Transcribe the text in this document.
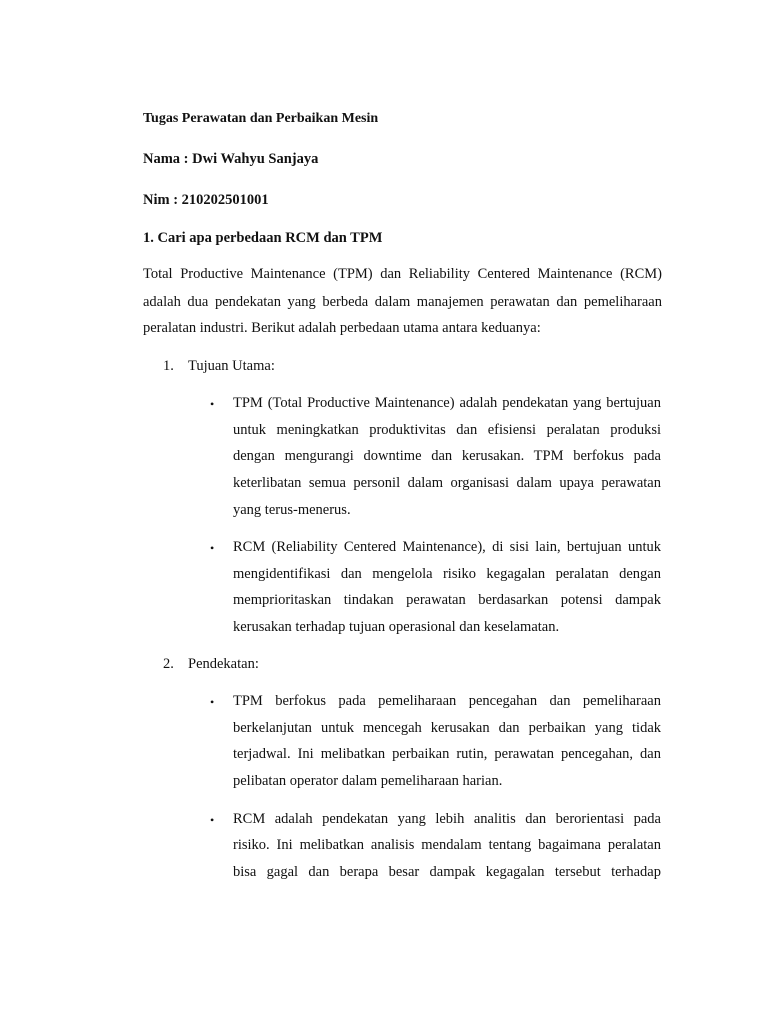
Tugas Perawatan dan Perbaikan Mesin

Nama : Dwi Wahyu Sanjaya

Nim : 210202501001

1. Cari apa perbedaan RCM dan TPM

Total Productive Maintenance (TPM) dan Reliability Centered Maintenance (RCM)

adalah dua pendekatan yang berbeda dalam manajemen perawatan dan pemeliharaan

peralatan industri. Berikut adalah perbedaan utama antara keduanya:

1. Tujuan Utama:
• TPM (Total Productive Maintenance) adalah pendekatan yang bertujuan

untuk meningkatkan produktivitas dan efisiensi peralatan produksi

dengan mengurangi downtime dan kerusakan. TPM berfokus pada

keterlibatan semua personil dalam organisasi dalam upaya perawatan

yang terus-menerus.

• RCM (Reliability Centered Maintenance), di sisi lain, bertujuan untuk

mengidentifikasi dan mengelola risiko kegagalan peralatan dengan

memprioritaskan tindakan perawatan berdasarkan potensi dampak

kerusakan terhadap tujuan operasional dan keselamatan.

2. Pendekatan:
• TPM berfokus pada pemeliharaan pencegahan dan pemeliharaan

berkelanjutan untuk mencegah kerusakan dan perbaikan yang tidak

terjadwal. Ini melibatkan perbaikan rutin, perawatan pencegahan, dan

pelibatan operator dalam pemeliharaan harian.

• RCM adalah pendekatan yang lebih analitis dan berorientasi pada

risiko. Ini melibatkan analisis mendalam tentang bagaimana peralatan

bisa gagal dan berapa besar dampak kegagalan tersebut terhadap
